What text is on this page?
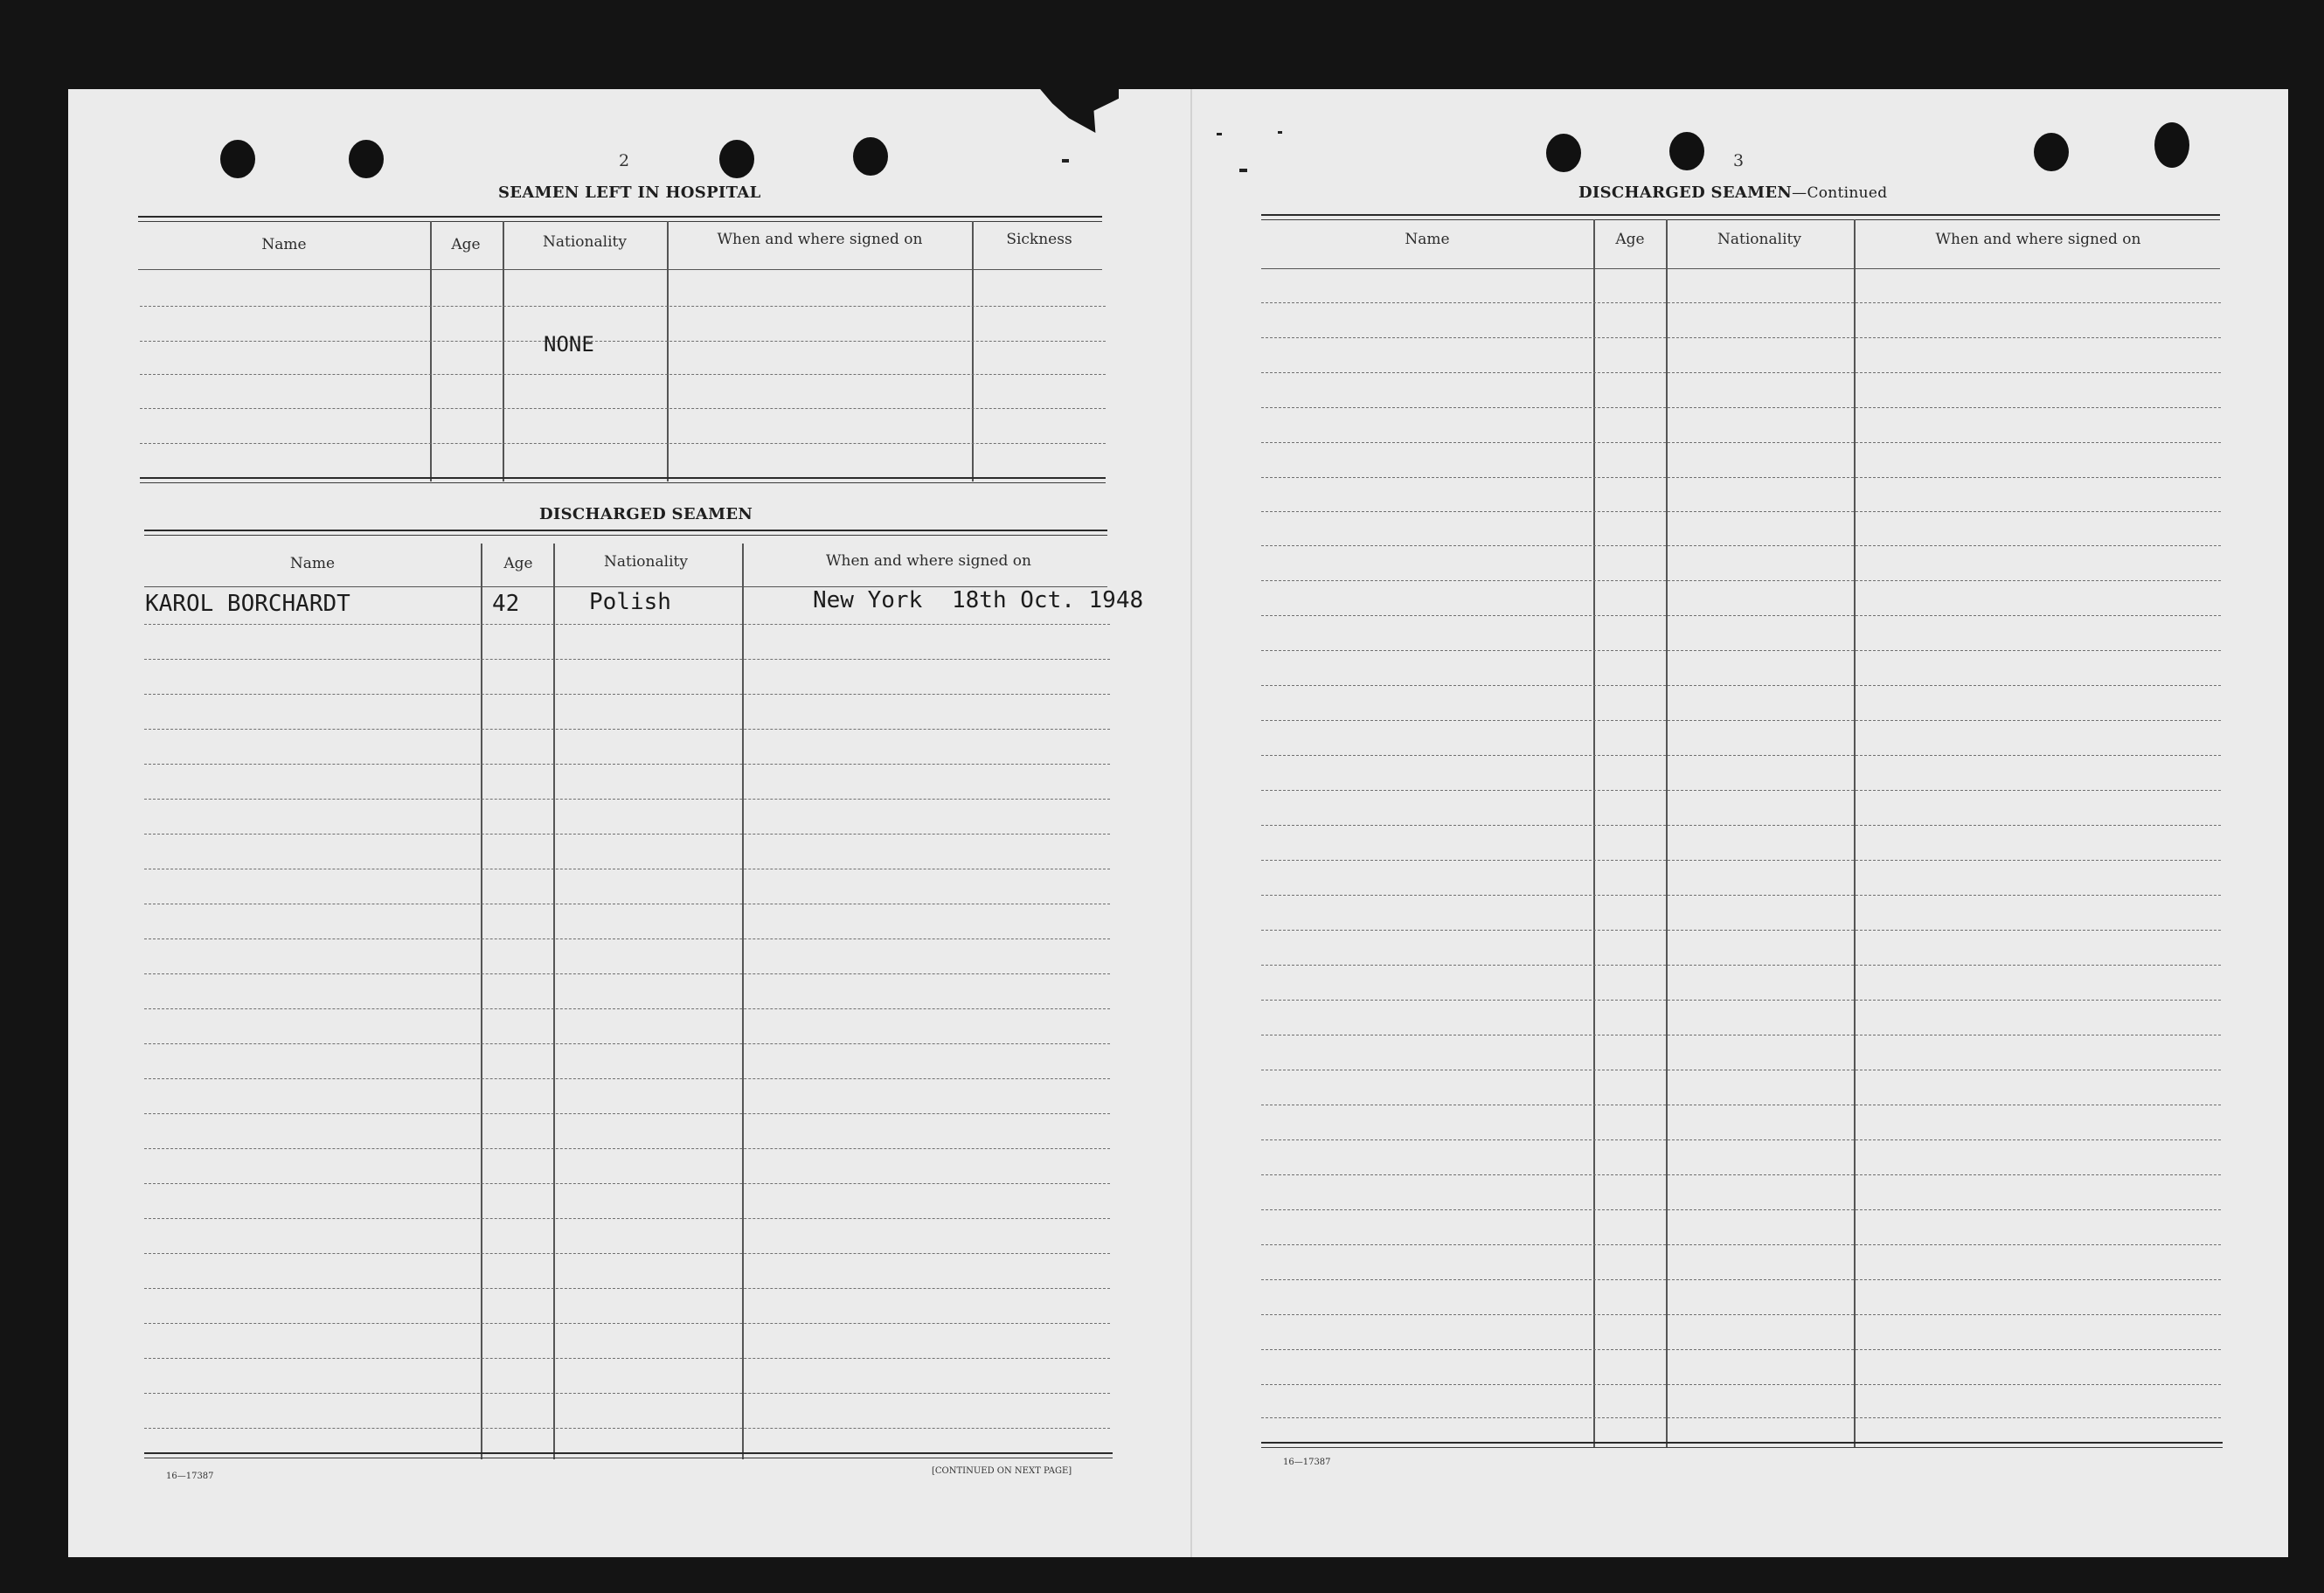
2
SEAMEN LEFT IN HOSPITAL
Name	Age	Nationality	When and where signed on	Sickness
NONE
DISCHARGED SEAMEN
Name	Age	Nationality	When and where signed on
KAROL BORCHARDT	42	Polish	New York 18th Oct. 1948
16—17387
[CONTINUED ON NEXT PAGE]
3
DISCHARGED SEAMEN—Continued
Name	Age	Nationality	When and where signed on
16—17387
